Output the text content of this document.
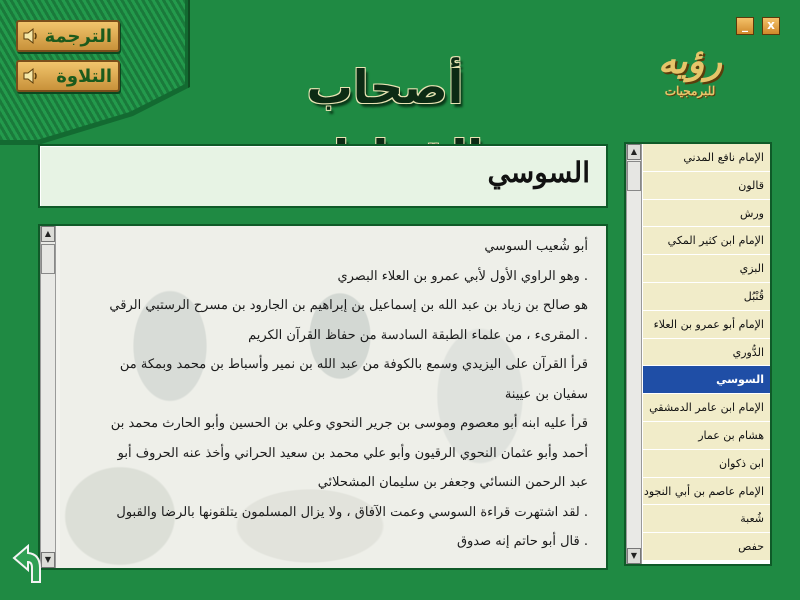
الترجمة
التلاوة	أصحاب	رؤيه
للبرمجيات
_	x
السوسي
▲
▼
أبو شُعيب السوسي
. وهو الراوي الأول لأبي عمرو بن العلاء البصري
هو صالح بن زياد بن عبد الله بن إسماعيل بن إبراهيم بن الجارود بن مسرح الرستبي الرقي
. المقرىء ، من علماء الطبقة السادسة من حفاظ القرآن الكريم
قرأ القرآن على اليزيدي وسمع بالكوفة من عبد الله بن نمير وأسباط بن محمد وبمكة من
سفيان بن عيينة
قرأ عليه ابنه أبو معصوم وموسى بن جرير النحوي وعلي بن الحسين وأبو الحارث محمد بن
أحمد وأبو عثمان النحوي الرقيون وأبو علي محمد بن سعيد الحراني وأخذ عنه الحروف أبو
عبد الرحمن النسائي وجعفر بن سليمان المشحلائي
. لقد اشتهرت قراءة السوسي وعمت الآفاق ، ولا يزال المسلمون يتلقونها بالرضا والقبول
. قال أبو حاتم إنه صدوق
▲
▼
الإمام نافع المدني
قالون
ورش
الإمام ابن كثير المكي
البزي
قُنْبُل
الإمام أبو عمرو بن العلاء
الدُّوري
السوسي
الإمام ابن عامر الدمشقي
هشام بن عمار
ابن ذكوان
الإمام عاصم بن أبي النجود
شُعبة
حفص
